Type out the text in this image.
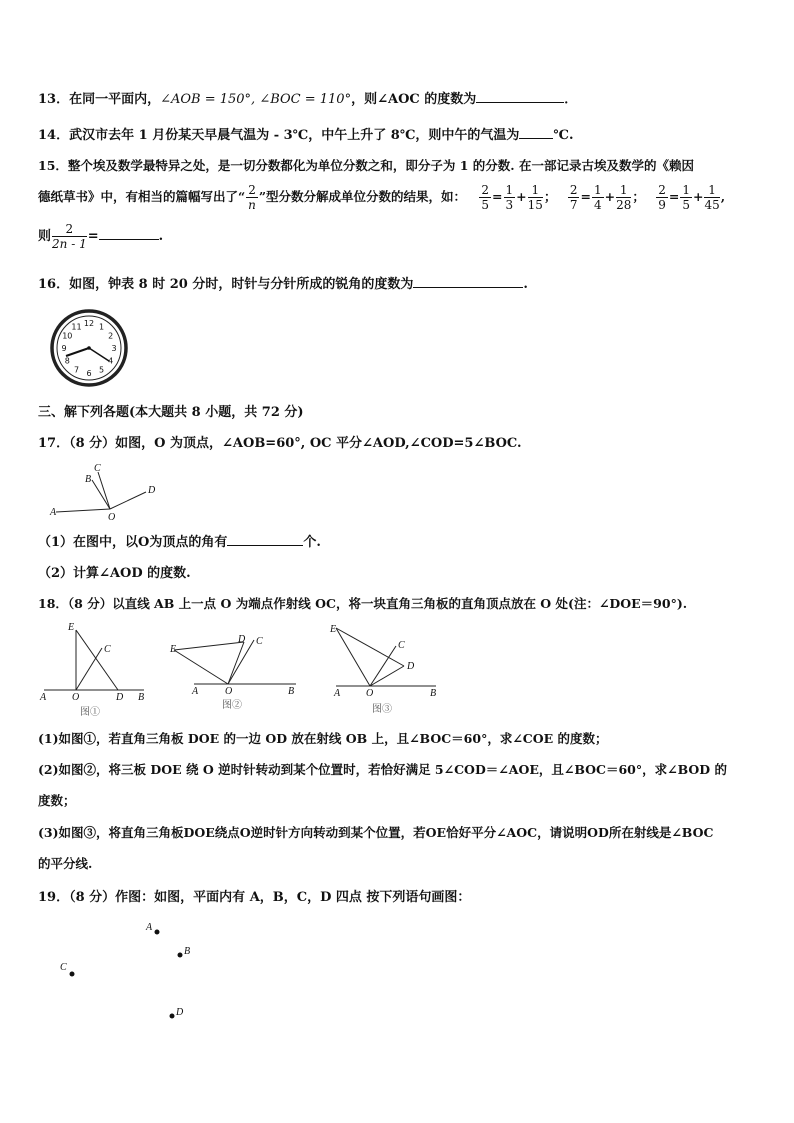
13．在同一平面内，∠AOB = 150°, ∠BOC = 110°，则∠AOC 的度数为	．
14．武汉市去年 1 月份某天早晨气温为 - 3℃，中午上升了 8℃，则中午的气温为	℃.
15．整个埃及数学最特异之处，是一切分数都化为单位分数之和，即分子为 1 的分数. 在一部记录古埃及数学的《赖因
德纸草书》中，有相当的篇幅写出了“ $\frac{2}{n}$ ”型分数分解成单位分数的结果，如： $\frac{2}{5} = \frac{1}{3} + \frac{1}{15}$ ； $\frac{2}{7} = \frac{1}{4} + \frac{1}{28}$ ； $\frac{2}{9} = \frac{1}{5} + \frac{1}{45}$ ,
则 $\frac{2}{2n - 1}$ =	.
16．如图，钟表 8 时 20 分时，时针与分针所成的锐角的度数为	.
12 1
2
3
4
5
6
7
8
9
10
11
三、解下列各题(本大题共 8 小题，共 72 分)
17．（8 分）如图，O 为顶点，∠AOB=60°, OC 平分∠AOD,∠COD=5∠BOC.
A
B
C
D
O
（1）在图中，以O为顶点的角有	个.
（2）计算∠AOD 的度数.
18．（8 分）以直线 AB 上一点 O 为端点作射线 OC，将一块直角三角板的直角顶点放在 O 处(注：∠DOE＝90°).
E
C
A	O	D B
图①
E
D C
A	O	B
图②
E
C
D
A	O	B
图③
(1)如图①，若直角三角板 DOE 的一边 OD 放在射线 OB 上，且∠BOC＝60°，求∠COE 的度数；
(2)如图②，将三板 DOE 绕 O 逆时针转动到某个位置时，若恰好满足 5∠COD＝∠AOE，且∠BOC＝60°，求∠BOD 的
度数；
(3)如图③，将直角三角板DOE绕点O逆时针方向转动到某个位置，若OE恰好平分∠AOC，请说明OD所在射线是∠BOC
的平分线.
19．（8 分）作图：如图，平面内有 A，B，C，D 四点 按下列语句画图：
A
B
C
D
